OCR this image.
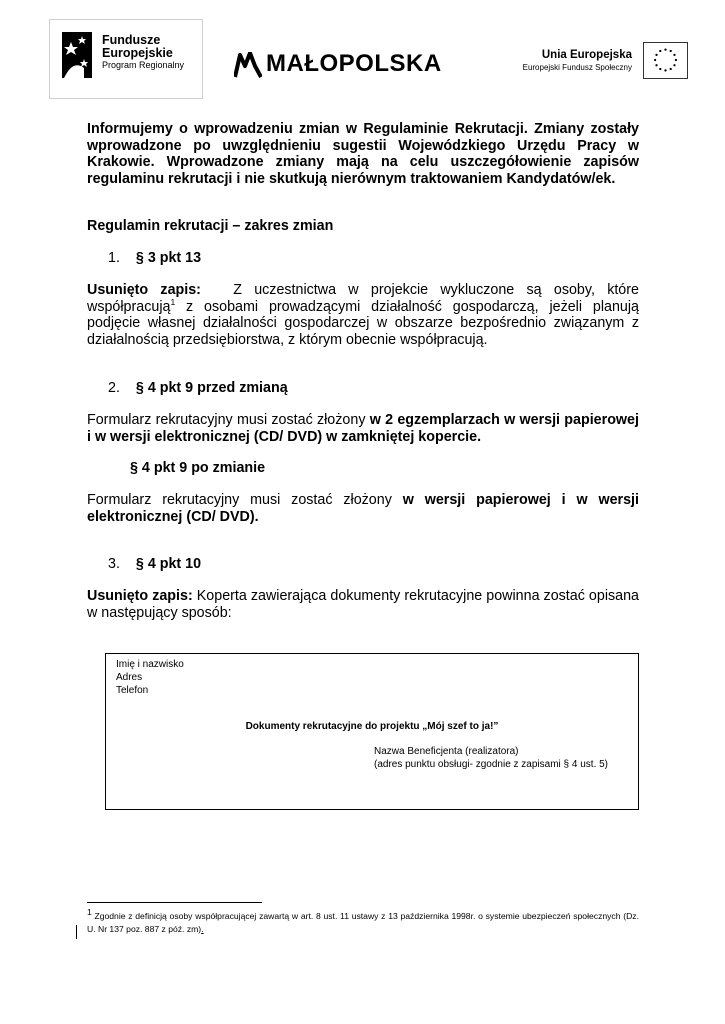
Fundusze
Europejskie
Program Regionalny	MAŁOPOLSKA	Unia Europejska
Europejski Fundusz Społeczny
Informujemy o wprowadzeniu zmian w Regulaminie Rekrutacji. Zmiany zostały wprowadzone po uwzględnieniu sugestii Wojewódzkiego Urzędu Pracy w Krakowie. Wprowadzone zmiany mają na celu uszczegółowienie zapisów regulaminu rekrutacji i nie skutkują nierównym traktowaniem Kandydatów/ek.
Regulamin rekrutacji – zakres zmian
1. § 3 pkt 13
Usunięto zapis: Z uczestnictwa w projekcie wykluczone są osoby, które współpracują$^1$ z osobami prowadzącymi działalność gospodarczą, jeżeli planują podjęcie własnej działalności gospodarczej w obszarze bezpośrednio związanym z działalnością przedsiębiorstwa, z którym obecnie współpracują.
2. § 4 pkt 9 przed zmianą
Formularz rekrutacyjny musi zostać złożony w 2 egzemplarzach w wersji papierowej i w wersji elektronicznej (CD/ DVD) w zamkniętej kopercie.
§ 4 pkt 9 po zmianie
Formularz rekrutacyjny musi zostać złożony w wersji papierowej i w wersji elektronicznej (CD/ DVD).
3. § 4 pkt 10
Usunięto zapis: Koperta zawierająca dokumenty rekrutacyjne powinna zostać opisana w następujący sposób:
Imię i nazwisko
Adres
Telefon
Dokumenty rekrutacyjne do projektu „Mój szef to ja!”
Nazwa Beneficjenta (realizatora)
(adres punktu obsługi- zgodnie z zapisami § 4 ust. 5)
$^1$ Zgodnie z definicją osoby współpracującej zawartą w art. 8 ust. 11 ustawy z 13 października 1998r. o systemie ubezpieczeń społecznych (Dz. U. Nr 137 poz. 887 z póź. zm).
